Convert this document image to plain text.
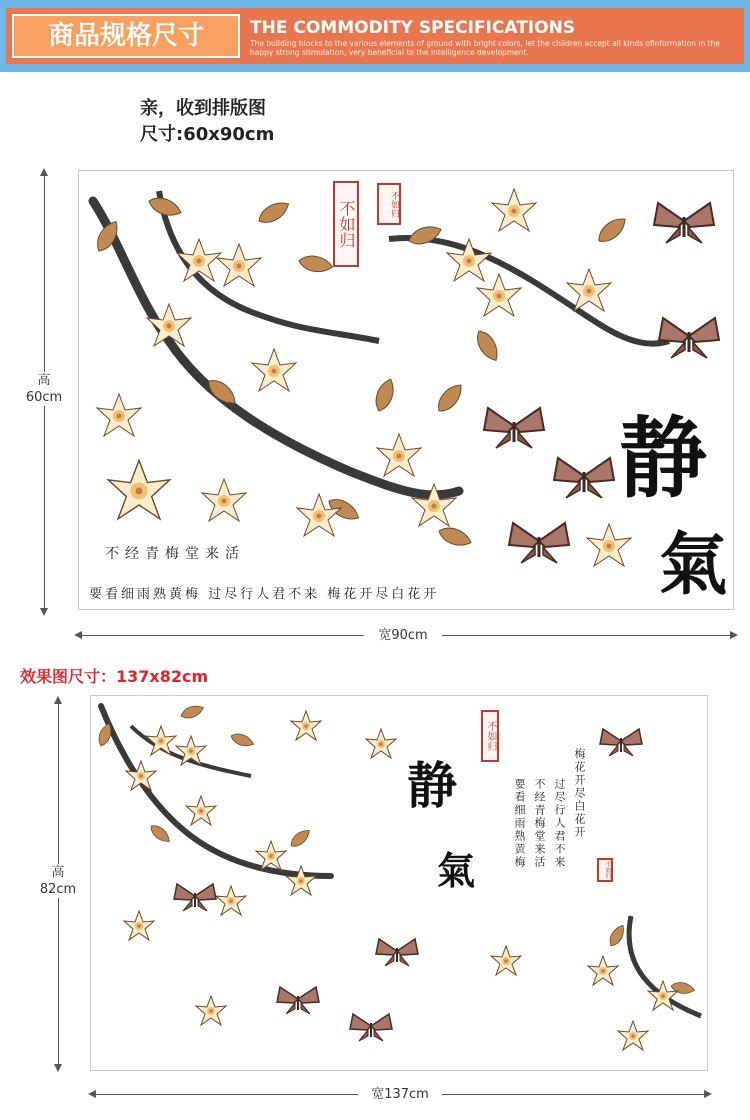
商品规格尺寸	THE COMMODITY SPECIFICATIONS
The building blocks to the various elements of ground with bright colors, let the children accept all kinds ofinformation in the happy strong stimulation, very beneficial to the intelligence development.
亲，收到排版图
尺寸:60x90cm
高
60cm
宽90cm
不如归	不如归
静
氣
不经青梅堂来活
要看细雨熟黄梅 过尽行人君不来 梅花开尽白花开
效果图尺寸：137x82cm
高
82cm
宽137cm
不如归
不如归
静
氣
梅花开尽白花开
过尽行人君不来
不经青梅堂来活
要看细雨熟黄梅
